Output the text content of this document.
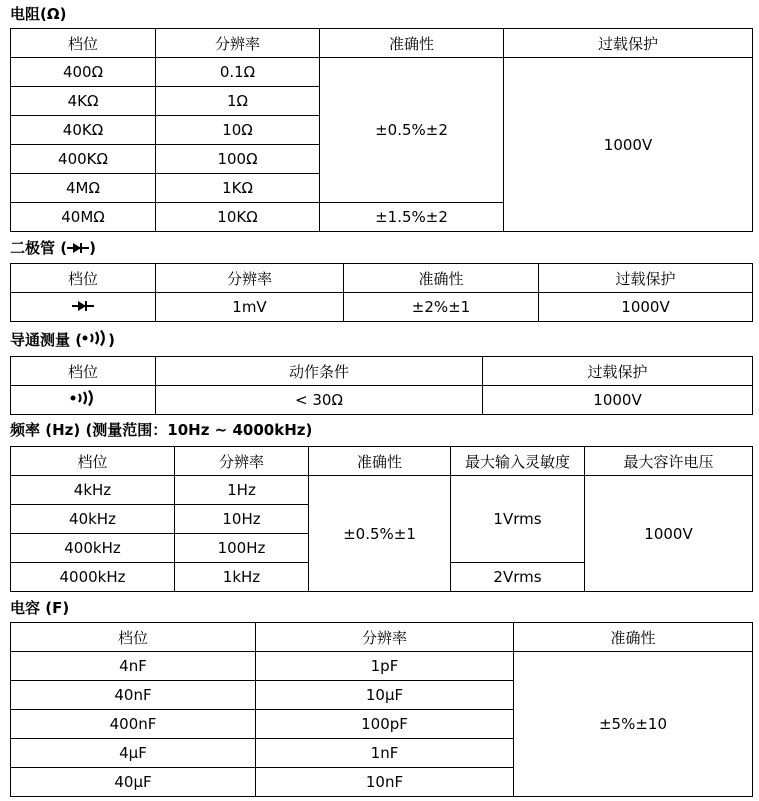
电阻(Ω)
档位	分辨率	准确性	过载保护
400Ω	0.1Ω	±0.5%±2	1000V
4KΩ	1Ω		
40KΩ	10Ω		
400KΩ	100Ω		
4MΩ	1KΩ		
40MΩ	10KΩ	±1.5%±2	
二极管 ( )
档位	分辨率	准确性	过载保护
	1mV	±2%±1	1000V
导通测量 ( )
档位	动作条件	过载保护
	< 30Ω	1000V
频率 (Hz) (测量范围：10Hz ~ 4000kHz)
档位	分辨率	准确性	最大输入灵敏度	最大容许电压
4kHz	1Hz	±0.5%±1	1Vrms	1000V
40kHz	10Hz			
400kHz	100Hz			
4000kHz	1kHz		2Vrms	
电容 (F)
档位	分辨率	准确性
4nF	1pF	±5%±10
40nF	10μF	
400nF	100pF	
4μF	1nF	
40μF	10nF	
